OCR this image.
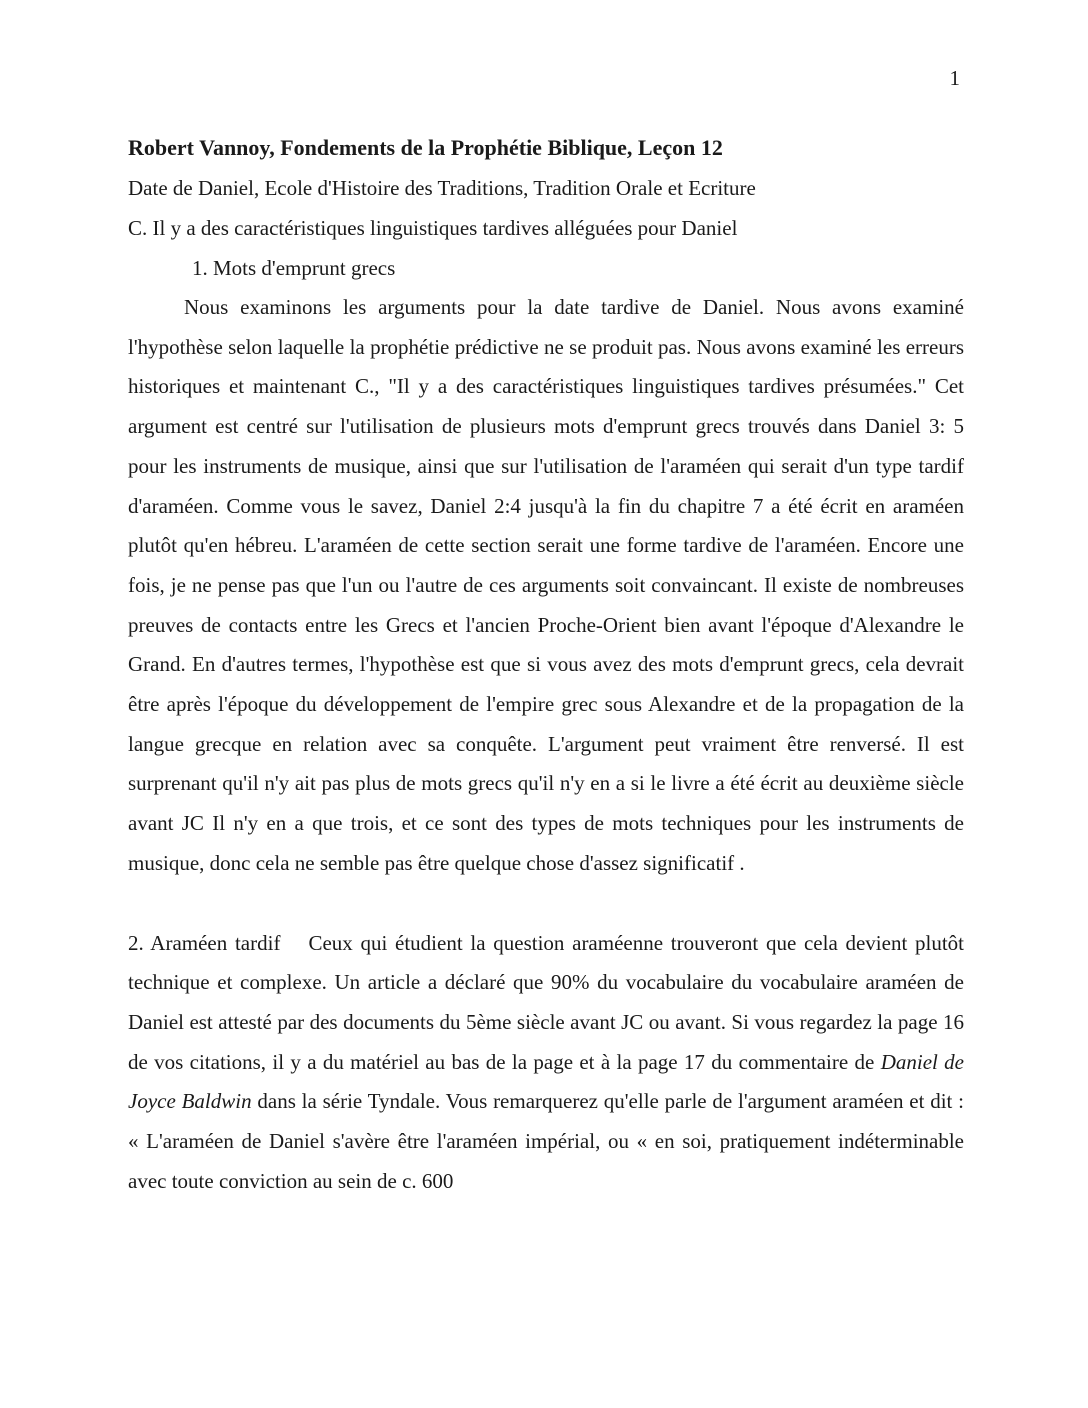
1

Robert Vannoy, Fondements de la Prophétie Biblique, Leçon 12

Date de Daniel, Ecole d'Histoire des Traditions, Tradition Orale et Ecriture

C. Il y a des caractéristiques linguistiques tardives alléguées pour Daniel

1. Mots d'emprunt grecs

Nous examinons les arguments pour la date tardive de Daniel. Nous avons examiné l'hypothèse selon laquelle la prophétie prédictive ne se produit pas. Nous avons examiné les erreurs historiques et maintenant C., "Il y a des caractéristiques linguistiques tardives présumées." Cet argument est centré sur l'utilisation de plusieurs mots d'emprunt grecs trouvés dans Daniel 3: 5 pour les instruments de musique, ainsi que sur l'utilisation de l'araméen qui serait d'un type tardif d'araméen. Comme vous le savez, Daniel 2:4 jusqu'à la fin du chapitre 7 a été écrit en araméen plutôt qu'en hébreu. L'araméen de cette section serait une forme tardive de l'araméen. Encore une fois, je ne pense pas que l'un ou l'autre de ces arguments soit convaincant. Il existe de nombreuses preuves de contacts entre les Grecs et l'ancien Proche-Orient bien avant l'époque d'Alexandre le Grand. En d'autres termes, l'hypothèse est que si vous avez des mots d'emprunt grecs, cela devrait être après l'époque du développement de l'empire grec sous Alexandre et de la propagation de la langue grecque en relation avec sa conquête. L'argument peut vraiment être renversé. Il est surprenant qu'il n'y ait pas plus de mots grecs qu'il n'y en a si le livre a été écrit au deuxième siècle avant JC Il n'y en a que trois, et ce sont des types de mots techniques pour les instruments de musique, donc cela ne semble pas être quelque chose d'assez significatif .

2. Araméen tardif Ceux qui étudient la question araméenne trouveront que cela devient plutôt technique et complexe. Un article a déclaré que 90% du vocabulaire du vocabulaire araméen de Daniel est attesté par des documents du 5ème siècle avant JC ou avant. Si vous regardez la page 16 de vos citations, il y a du matériel au bas de la page et à la page 17 du commentaire de Daniel de Joyce Baldwin dans la série Tyndale. Vous remarquerez qu'elle parle de l'argument araméen et dit : « L'araméen de Daniel s'avère être l'araméen impérial, ou « en soi, pratiquement indéterminable avec toute conviction au sein de c. 600
